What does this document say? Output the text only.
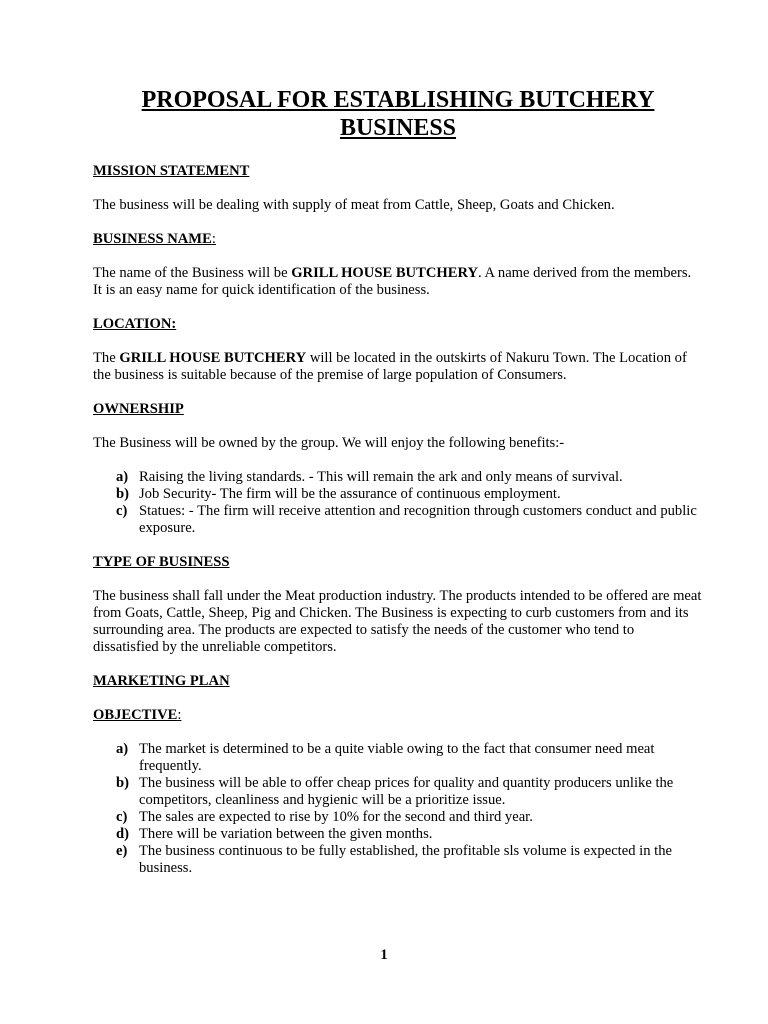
PROPOSAL FOR ESTABLISHING BUTCHERY BUSINESS
MISSION STATEMENT

The business will be dealing with supply of meat from Cattle, Sheep, Goats and Chicken.

BUSINESS NAME:

The name of the Business will be GRILL HOUSE BUTCHERY. A name derived from the members. It is an easy name for quick identification of the business.

LOCATION:

The GRILL HOUSE BUTCHERY will be located in the outskirts of Nakuru Town. The Location of the business is suitable because of the premise of large population of Consumers.

OWNERSHIP

The Business will be owned by the group. We will enjoy the following benefits:-

a) Raising the living standards. - This will remain the ark and only means of survival.
b) Job Security- The firm will be the assurance of continuous employment.
c) Statues: - The firm will receive attention and recognition through customers conduct and public exposure.
TYPE OF BUSINESS

The business shall fall under the Meat production industry. The products intended to be offered are meat from Goats, Cattle, Sheep, Pig and Chicken. The Business is expecting to curb customers from and its surrounding area. The products are expected to satisfy the needs of the customer who tend to dissatisfied by the unreliable competitors.

MARKETING PLAN
OBJECTIVE:
a) The market is determined to be a quite viable owing to the fact that consumer need meat frequently.
b) The business will be able to offer cheap prices for quality and quantity producers unlike the competitors, cleanliness and hygienic will be a prioritize issue.
c) The sales are expected to rise by 10% for the second and third year.
d) There will be variation between the given months.
e) The business continuous to be fully established, the profitable sls volume is expected in the business.
1
